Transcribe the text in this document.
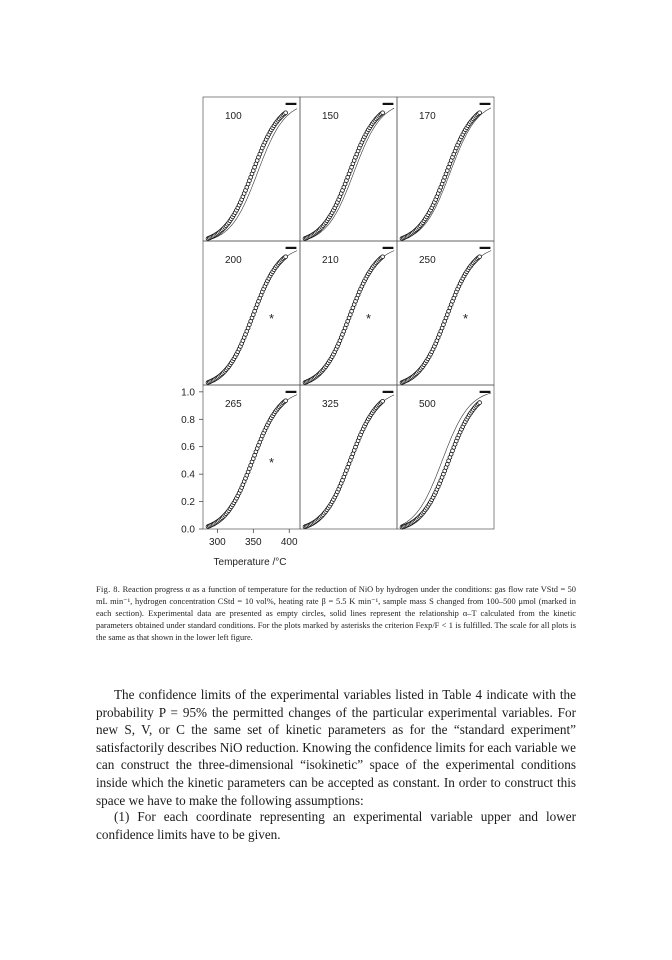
100	150	170
200
*
210
*
250
*
265
*
325	500
1.0
0.8
0.6
0.4
0.2
0.0
300 350 400
Temperature /°C
Fig. 8. Reaction progress α as a function of temperature for the reduction of NiO by hydrogen under the conditions: gas flow rate VStd = 50 mL min⁻¹, hydrogen concentration CStd = 10 vol%, heating rate β = 5.5 K min⁻¹, sample mass S changed from 100–500 μmol (marked in each section). Experimental data are presented as empty circles, solid lines represent the relationship α–T calculated from the kinetic parameters obtained under standard conditions. For the plots marked by asterisks the criterion Fexp/F < 1 is fulfilled. The scale for all plots is the same as that shown in the lower left figure.

The confidence limits of the experimental variables listed in Table 4 indicate with the probability P = 95% the permitted changes of the particular experimental variables. For new S, V, or C the same set of kinetic parameters as for the “standard experiment” satisfactorily describes NiO reduction. Knowing the confidence limits for each variable we can construct the three-dimensional “isokinetic” space of the experimental conditions inside which the kinetic parameters can be accepted as constant. In order to construct this space we have to make the following assumptions:

(1) For each coordinate representing an experimental variable upper and lower confidence limits have to be given.
